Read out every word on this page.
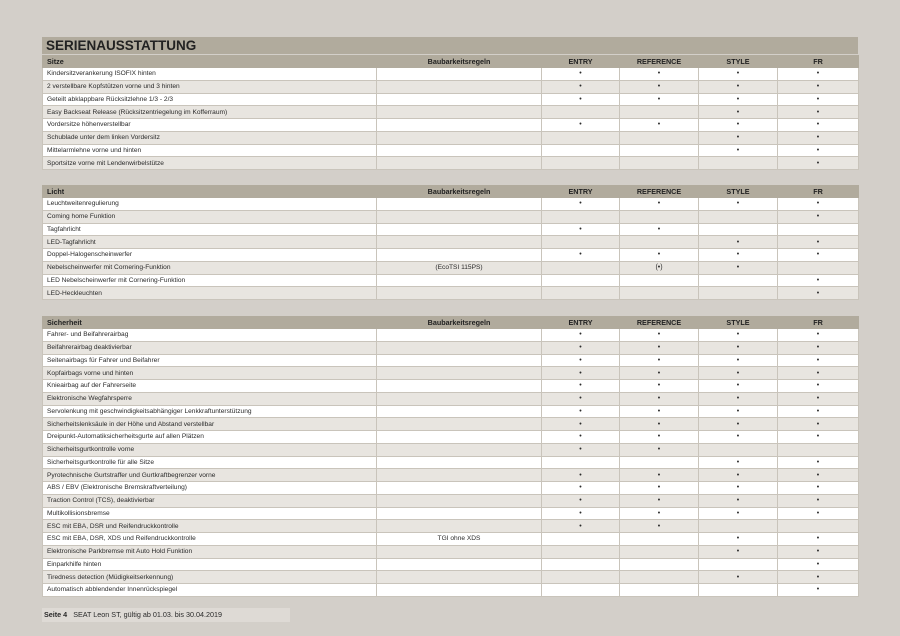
SERIENAUSSTATTUNG
Sitze	Baubarkeitsregeln	ENTRY	REFERENCE	STYLE	FR
Kindersitzverankerung ISOFIX hinten		•	•	•	•
2 verstellbare Kopfstützen vorne und 3 hinten		•	•	•	•
Geteilt abklappbare Rücksitzlehne 1/3 - 2/3		•	•	•	•
Easy Backseat Release (Rücksitzentriegelung im Kofferraum)				•	•
Vordersitze höhenverstellbar		•	•	•	•
Schublade unter dem linken Vordersitz				•	•
Mittelarmlehne vorne und hinten				•	•
Sportsitze vorne mit Lendenwirbelstütze					•
Licht	Baubarkeitsregeln	ENTRY	REFERENCE	STYLE	FR
Leuchtweitenregulierung		•	•	•	•
Coming home Funktion					•
Tagfahrlicht		•	•		
LED-Tagfahrlicht				•	•
Doppel-Halogenscheinwerfer		•	•	•	•
Nebelscheinwerfer mit Cornering-Funktion	(EcoTSI 115PS)		(•)	•	
LED Nebelscheinwerfer mit Cornering-Funktion					•
LED-Heckleuchten					•
Sicherheit	Baubarkeitsregeln	ENTRY	REFERENCE	STYLE	FR
Fahrer- und Beifahrerairbag		•	•	•	•
Beifahrerairbag deaktivierbar		•	•	•	•
Seitenairbags für Fahrer und Beifahrer		•	•	•	•
Kopfairbags vorne und hinten		•	•	•	•
Knieairbag auf der Fahrerseite		•	•	•	•
Elektronische Wegfahrsperre		•	•	•	•
Servolenkung mit geschwindigkeitsabhängiger Lenkkraftunterstützung		•	•	•	•
Sicherheitslenksäule in der Höhe und Abstand verstellbar		•	•	•	•
Dreipunkt-Automatiksicherheitsgurte auf allen Plätzen		•	•	•	•
Sicherheitsgurtkontrolle vorne		•	•		
Sicherheitsgurtkontrolle für alle Sitze				•	•
Pyrotechnische Gurtstraffer und Gurtkraftbegrenzer vorne		•	•	•	•
ABS / EBV (Elektronische Bremskraftverteilung)		•	•	•	•
Traction Control (TCS), deaktivierbar		•	•	•	•
Multikollisionsbremse		•	•	•	•
ESC mit EBA, DSR und Reifendruckkontrolle		•	•		
ESC mit EBA, DSR, XDS und Reifendruckkontrolle	TGI ohne XDS			•	•
Elektronische Parkbremse mit Auto Hold Funktion				•	•
Einparkhilfe hinten					•
Tiredness detection (Müdigkeitserkennung)				•	•
Automatisch abblendender Innenrückspiegel					•
Seite 4 SEAT Leon ST, gültig ab 01.03. bis 30.04.2019
